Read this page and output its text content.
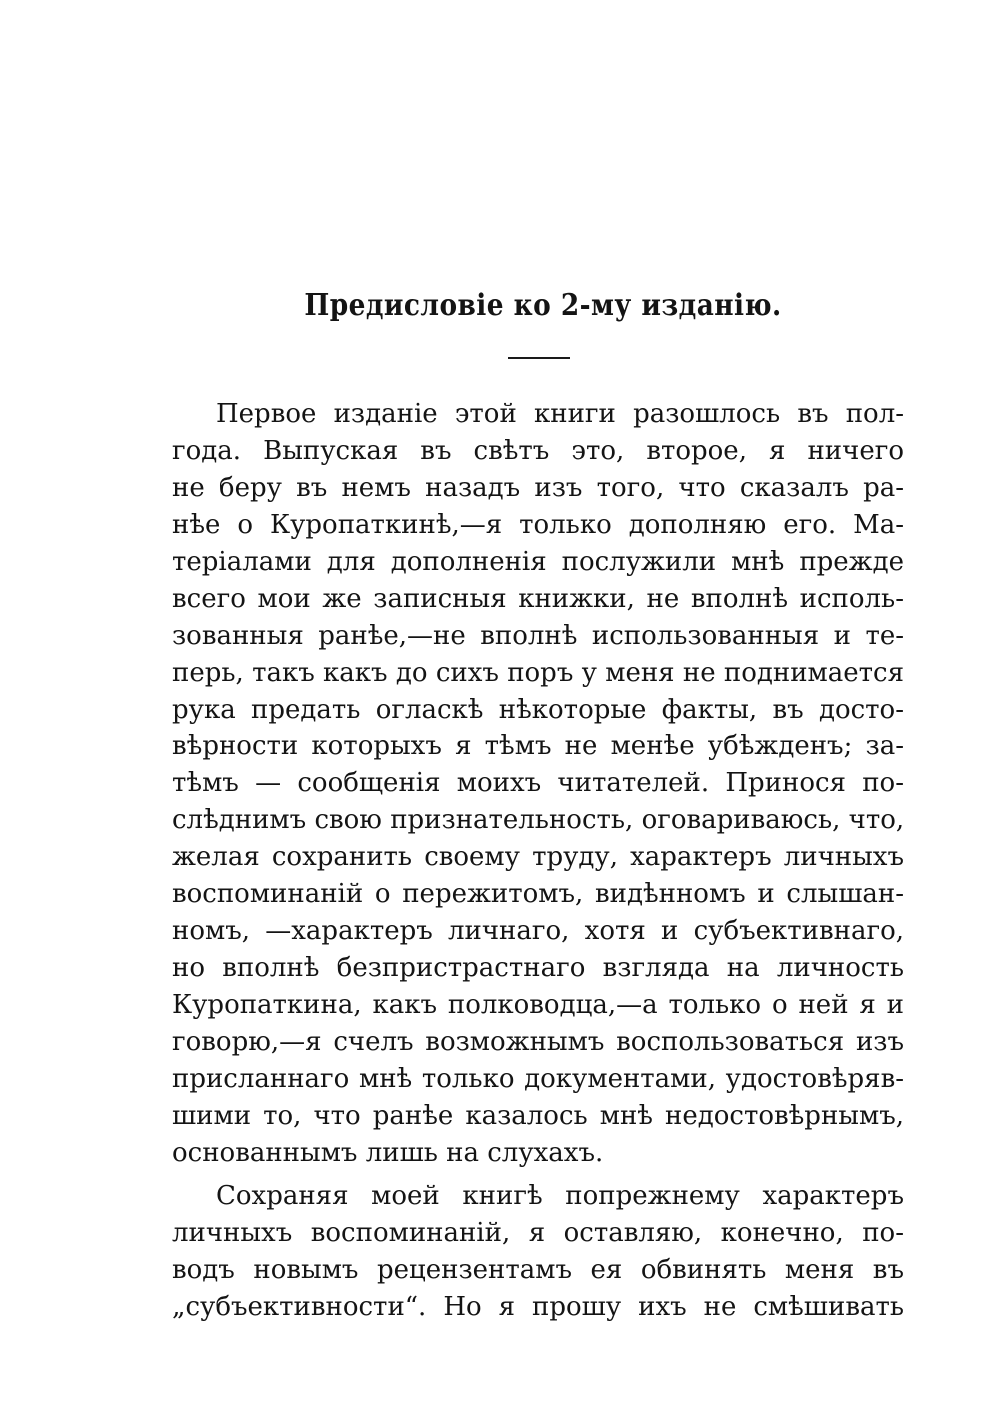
Предисловіе ко 2-му изданію.
Первое изданіе этой книги разошлось въ пол-
года. Выпуская въ свѣтъ это, второе, я ничего
не беру въ немъ назадъ изъ того, что сказалъ ра-
нѣе о Куропаткинѣ,—я только дополняю его. Ма-
теріалами для дополненія послужили мнѣ прежде
всего мои же записныя книжки, не вполнѣ исполь-
зованныя ранѣе,—не вполнѣ использованныя и те-
перь, такъ какъ до сихъ поръ у меня не поднимается
рука предать огласкѣ нѣкоторые факты, въ досто-
вѣрности которыхъ я тѣмъ не менѣе убѣжденъ; за-
тѣмъ — сообщенія моихъ читателей. Принося по-
слѣднимъ свою признательность, оговариваюсь, что,
желая сохранить своему труду, характеръ личныхъ
воспоминаній о пережитомъ, видѣнномъ и слышан-
номъ, —характеръ личнаго, хотя и субъективнаго,
но вполнѣ безпристрастнаго взгляда на личность
Куропаткина, какъ полководца,—а только о ней я и
говорю,—я счелъ возможнымъ воспользоваться изъ
присланнаго мнѣ только документами, удостовѣряв-
шими то, что ранѣе казалось мнѣ недостовѣрнымъ,
основаннымъ лишь на слухахъ.
Сохраняя моей книгѣ попрежнему характеръ
личныхъ воспоминаній, я оставляю, конечно, по-
водъ новымъ рецензентамъ ея обвинять меня въ
„субъективности“. Но я прошу ихъ не смѣшивать
